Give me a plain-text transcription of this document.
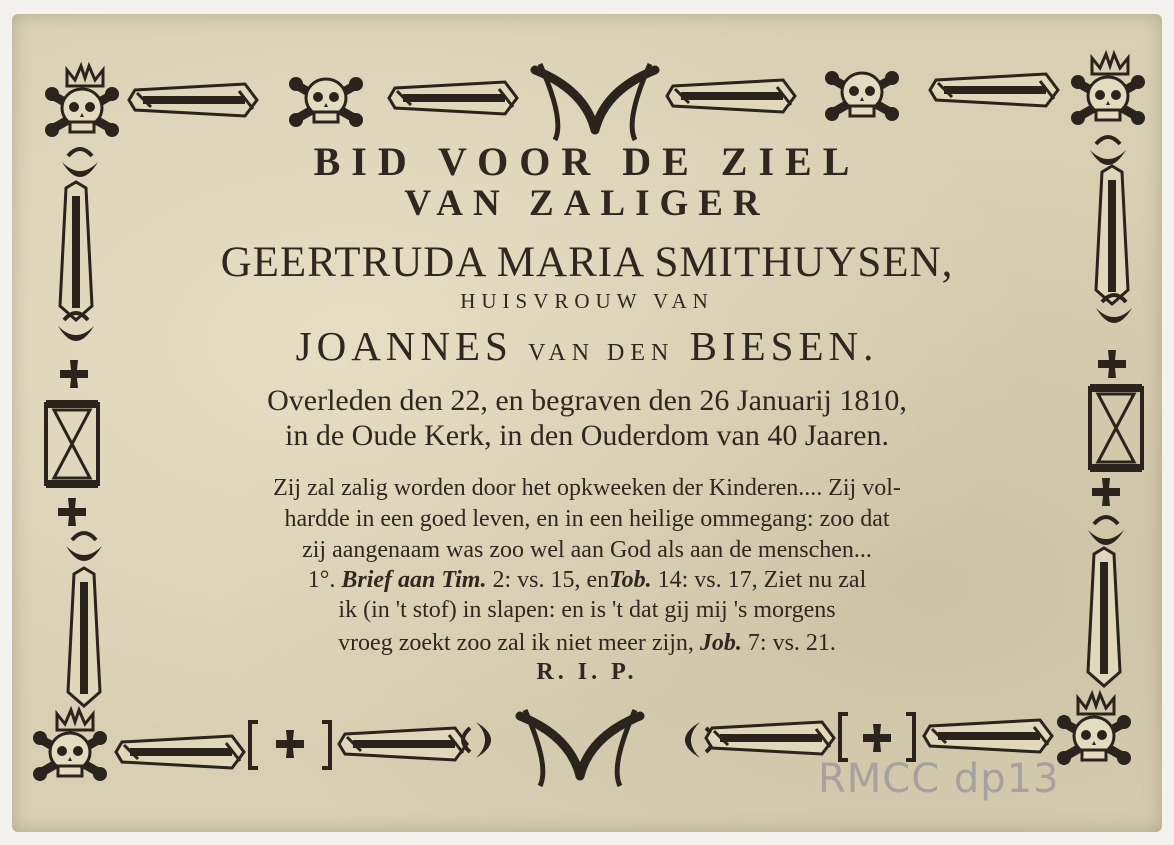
BID VOOR DE ZIEL
VAN ZALIGER
GEERTRUDA MARIA SMITHUYSEN,
HUISVROUW VAN
JOANNES VAN DEN BIESEN.
Overleden den 22, en begraven den 26 Januarij 1810,
in de Oude Kerk, in den Ouderdom van 40 Jaaren.
Zij zal zalig worden door het opkweeken der Kinderen.... Zij vol-
hardde in een goed leven, en in een heilige ommegang: zoo dat
zij aangenaam was zoo wel aan God als aan de menschen...
1°. Brief aan Tim. 2: vs. 15, enTob. 14: vs. 17, Ziet nu zal
ik (in 't stof) in slapen: en is 't dat gij mij 's morgens
vroeg zoekt zoo zal ik niet meer zijn, Job. 7: vs. 21.
R. I. P.
RMCC dp13
